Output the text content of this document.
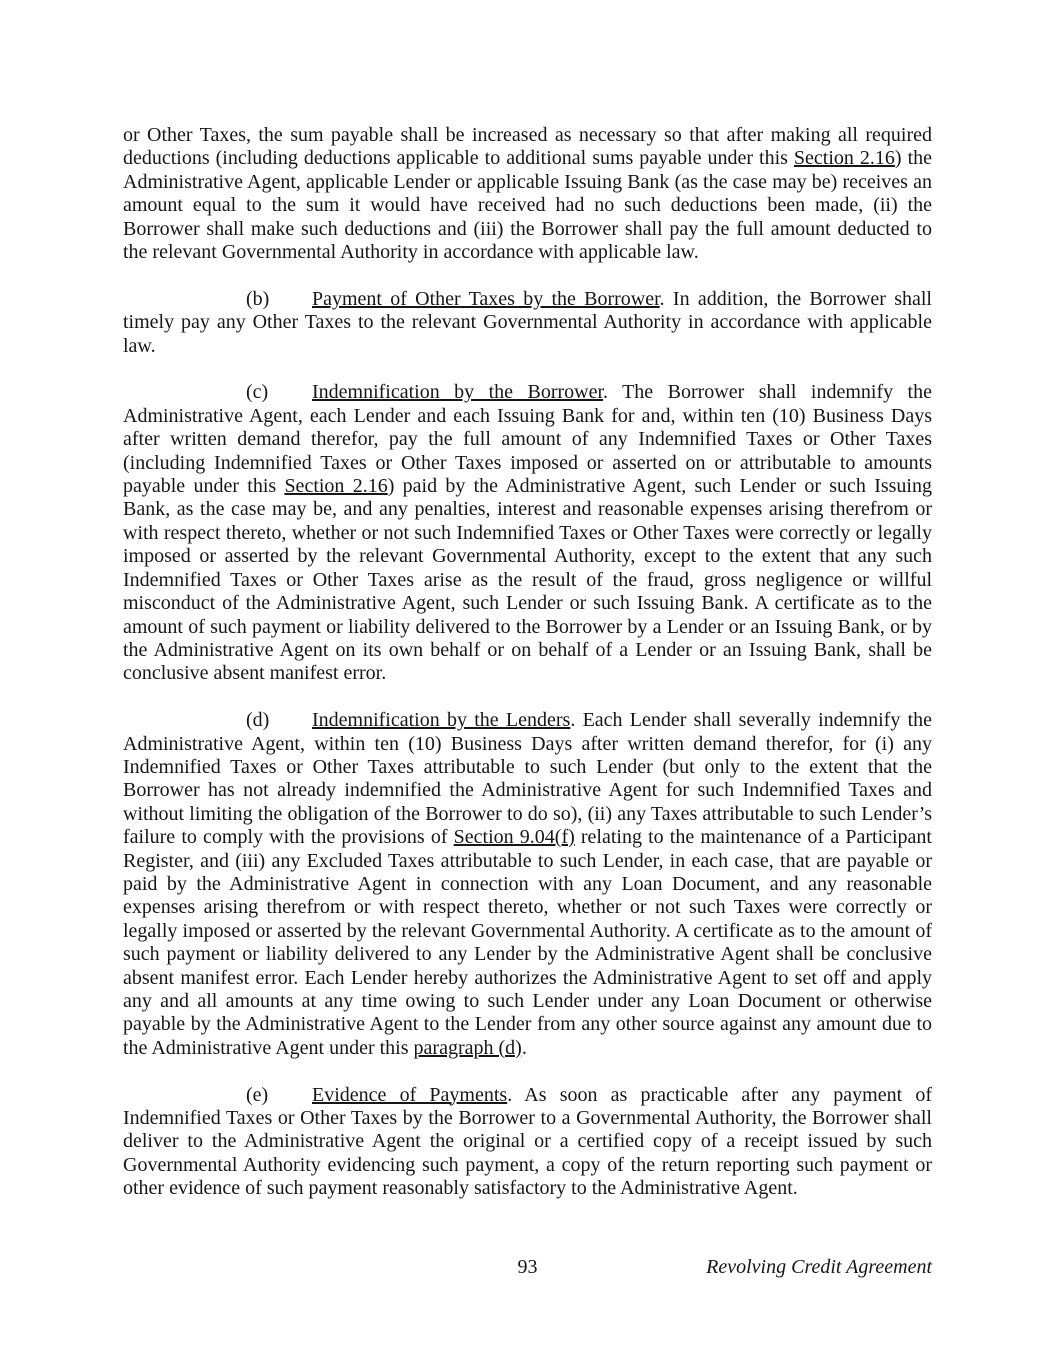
or Other Taxes, the sum payable shall be increased as necessary so that after making all required deductions (including deductions applicable to additional sums payable under this Section 2.16) the Administrative Agent, applicable Lender or applicable Issuing Bank (as the case may be) receives an amount equal to the sum it would have received had no such deductions been made, (ii) the Borrower shall make such deductions and (iii) the Borrower shall pay the full amount deducted to the relevant Governmental Authority in accordance with applicable law.

(b) Payment of Other Taxes by the Borrower. In addition, the Borrower shall timely pay any Other Taxes to the relevant Governmental Authority in accordance with applicable law.

(c) Indemnification by the Borrower. The Borrower shall indemnify the Administrative Agent, each Lender and each Issuing Bank for and, within ten (10) Business Days after written demand therefor, pay the full amount of any Indemnified Taxes or Other Taxes (including Indemnified Taxes or Other Taxes imposed or asserted on or attributable to amounts payable under this Section 2.16) paid by the Administrative Agent, such Lender or such Issuing Bank, as the case may be, and any penalties, interest and reasonable expenses arising therefrom or with respect thereto, whether or not such Indemnified Taxes or Other Taxes were correctly or legally imposed or asserted by the relevant Governmental Authority, except to the extent that any such Indemnified Taxes or Other Taxes arise as the result of the fraud, gross negligence or willful misconduct of the Administrative Agent, such Lender or such Issuing Bank. A certificate as to the amount of such payment or liability delivered to the Borrower by a Lender or an Issuing Bank, or by the Administrative Agent on its own behalf or on behalf of a Lender or an Issuing Bank, shall be conclusive absent manifest error.

(d) Indemnification by the Lenders. Each Lender shall severally indemnify the Administrative Agent, within ten (10) Business Days after written demand therefor, for (i) any Indemnified Taxes or Other Taxes attributable to such Lender (but only to the extent that the Borrower has not already indemnified the Administrative Agent for such Indemnified Taxes and without limiting the obligation of the Borrower to do so), (ii) any Taxes attributable to such Lender’s failure to comply with the provisions of Section 9.04(f) relating to the maintenance of a Participant Register, and (iii) any Excluded Taxes attributable to such Lender, in each case, that are payable or paid by the Administrative Agent in connection with any Loan Document, and any reasonable expenses arising therefrom or with respect thereto, whether or not such Taxes were correctly or legally imposed or asserted by the relevant Governmental Authority. A certificate as to the amount of such payment or liability delivered to any Lender by the Administrative Agent shall be conclusive absent manifest error. Each Lender hereby authorizes the Administrative Agent to set off and apply any and all amounts at any time owing to such Lender under any Loan Document or otherwise payable by the Administrative Agent to the Lender from any other source against any amount due to the Administrative Agent under this paragraph (d).

(e) Evidence of Payments. As soon as practicable after any payment of Indemnified Taxes or Other Taxes by the Borrower to a Governmental Authority, the Borrower shall deliver to the Administrative Agent the original or a certified copy of a receipt issued by such Governmental Authority evidencing such payment, a copy of the return reporting such payment or other evidence of such payment reasonably satisfactory to the Administrative Agent.

93	Revolving Credit Agreement
